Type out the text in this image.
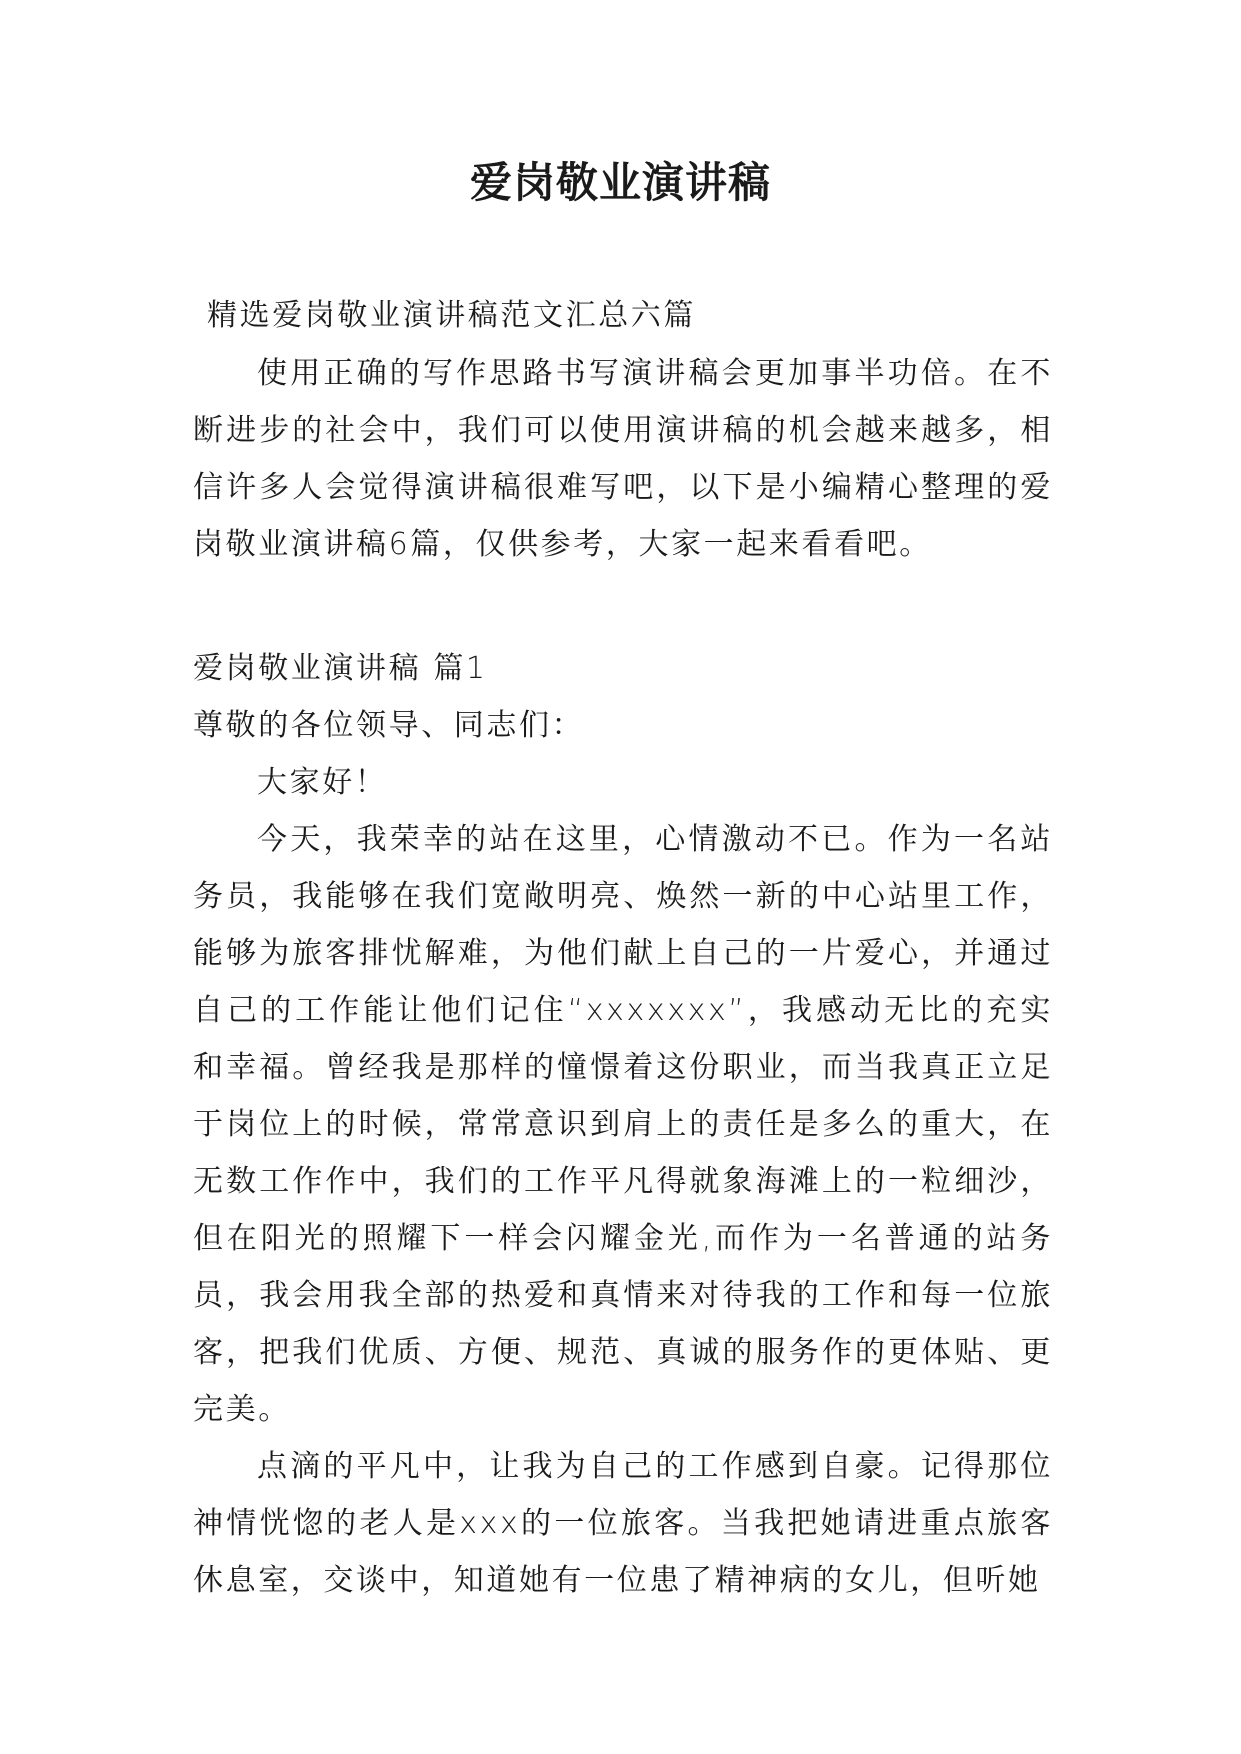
爱岗敬业演讲稿
精选爱岗敬业演讲稿范文汇总六篇

使用正确的写作思路书写演讲稿会更加事半功倍。在不断进步的社会中，我们可以使用演讲稿的机会越来越多，相信许多人会觉得演讲稿很难写吧，以下是小编精心整理的爱岗敬业演讲稿6篇，仅供参考，大家一起来看看吧。

爱岗敬业演讲稿 篇1

尊敬的各位领导、同志们：

大家好！

今天，我荣幸的站在这里，心情激动不已。作为一名站务员，我能够在我们宽敞明亮、焕然一新的中心站里工作，能够为旅客排忧解难，为他们献上自己的一片爱心，并通过自己的工作能让他们记住“xxxxxxx”，我感动无比的充实和幸福。曾经我是那样的憧憬着这份职业，而当我真正立足于岗位上的时候，常常意识到肩上的责任是多么的重大，在无数工作作中，我们的工作平凡得就象海滩上的一粒细沙，但在阳光的照耀下一样会闪耀金光,而作为一名普通的站务员，我会用我全部的热爱和真情来对待我的工作和每一位旅客，把我们优质、方便、规范、真诚的服务作的更体贴、更完美。

点滴的平凡中，让我为自己的工作感到自豪。记得那位神情恍惚的老人是xxx的一位旅客。当我把她请进重点旅客休息室，交谈中，知道她有一位患了精神病的女儿，但听她
